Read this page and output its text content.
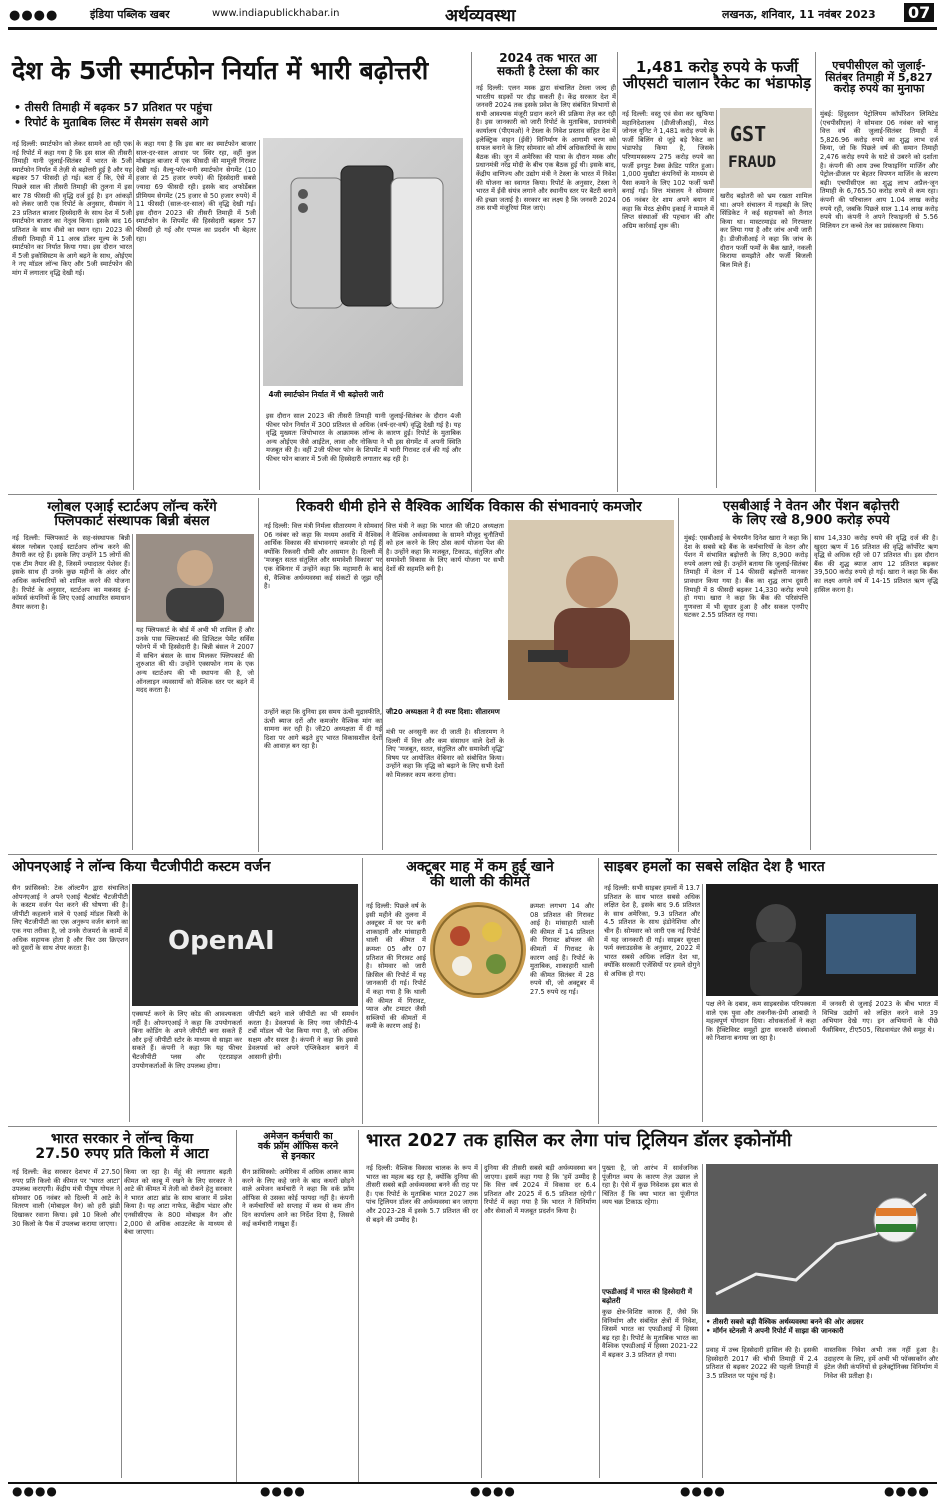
●●●●	इंडिया पब्लिक खबर	www.indiapublickhabar.in	अर्थव्यवस्था	लखनऊ, शनिवार, 11 नवंबर 2023 07
देश के 5जी स्मार्टफोन निर्यात में भारी बढ़ोत्तरी
• तीसरी तिमाही में बढ़कर 57 प्रतिशत पर पहुंचा
• रिपोर्ट के मुताबिक लिस्ट में सैमसंग सबसे आगे
नई दिल्ली: स्मार्टफोन को लेकर सामने आ रही एक नई रिपोर्ट में कहा गया है कि इस साल की तीसरी तिमाही यानी जुलाई-सितंबर में भारत के 5जी स्मार्टफोन निर्यात में तेज़ी से बढ़ोत्तरी हुई है और यह बढ़कर 57 फीसदी हो गई। बता दें कि, ऐसे में पिछले साल की तीसरी तिमाही की तुलना में इस बार 78 फीसदी की वृद्धि दर्ज हुई है। इन आंकड़ों को लेकर जारी एक रिपोर्ट के अनुसार, सैमसंग ने 23 प्रतिशत बाजार हिस्सेदारी के साथ देश में 5जी स्मार्टफोन बाजार का नेतृत्व किया। इसके बाद 16 प्रतिशत के साथ वीवो का स्थान रहा। 2023 की तीसरी तिमाही में 11 अरब डॉलर मूल्य के 5जी स्मार्टफोन का निर्यात किया गया। इस दौरान भारत में 5जी इकोसिस्टम के आगे बढ़ने के साथ, ओईएम ने नए मॉडल लॉन्च किए और 5जी स्मार्टफोन की मांग में लगातार वृद्धि देखी गई।
के कहा गया है कि इस बार का स्मार्टफोन बाजार साल-दर-साल आधार पर स्थिर रहा, वहीं कुल मोबाइल बाजार में एक फीसदी की मामूली गिरावट देखी गई। वैल्यू-फॉर-मनी स्मार्टफोन सेगमेंट (10 हजार से 25 हजार रुपये) की हिस्सेदारी सबसे ज्यादा 69 फीसदी रही। इसके बाद अफोर्डेबल प्रीमियम सेगमेंट (25 हजार से 50 हजार रुपये) में 11 फीसदी (साल-दर-साल) की वृद्धि देखी गई। इस दौरान 2023 की तीसरी तिमाही में 5जी स्मार्टफोन के शिपमेंट की हिस्सेदारी बढ़कर 57 फीसदी हो गई और एप्पल का प्रदर्शन भी बेहतर रहा।
4जी स्मार्टफोन निर्यात में भी बढ़ोत्तरी जारी
इस दौरान साल 2023 की तीसरी तिमाही यानी जुलाई-सितंबर के दौरान 4जी फीचर फोन निर्यात में 300 प्रतिशत से अधिक (वर्ष-दर-वर्ष) वृद्धि देखी गई है। यह वृद्धि मुख्यतः जियोभारत के आक्रामक लॉन्च के कारण हुई। रिपोर्ट के मुताबिक अन्य ओईएम जैसे आईटेल, लावा और नोकिया ने भी इस सेगमेंट में अपनी स्थिति मजबूत की है। वहीं 2जी फीचर फोन के शिपमेंट में भारी गिरावट दर्ज की गई और फीचर फोन बाजार में 5जी की हिस्सेदारी लगातार बढ़ रही है।
2024 तक भारत आ
सकती है टेस्ला की कार
नई दिल्ली: एलन मस्क द्वारा संचालित टेस्ला जल्द ही भारतीय सड़कों पर दौड़ सकती है। केंद्र सरकार देश में जनवरी 2024 तक इसके प्रवेश के लिए संबंधित विभागों से सभी आवश्यक मंजूरी प्रदान करने की प्रक्रिया तेज़ कर रही है। इस जानकारी को जारी रिपोर्ट के मुताबिक, प्रधानमंत्री कार्यालय (पीएमओ) ने टेस्ला के निवेश प्रस्ताव संहित देश में इलेक्ट्रिक वाहन (ईवी) विनिर्माण के आगामी चरण को सफल बनाने के लिए सोमवार को शीर्ष अधिकारियों के साथ बैठक की। जून में अमेरिका की यात्रा के दौरान मस्क और प्रधानमंत्री नरेंद्र मोदी के बीच एक बैठक हुई थी। इसके बाद, केंद्रीय वाणिज्य और उद्योग मंत्री ने टेस्ला के भारत में निवेश की योजना का स्वागत किया। रिपोर्ट के अनुसार, टेस्ला ने भारत में ईवी संयंत्र लगाने और स्थानीय स्तर पर बैटरी बनाने की इच्छा जताई है। सरकार का लक्ष्य है कि जनवरी 2024 तक सभी मंजूरियां मिल जाएं।
1,481 करोड़ रुपये के फर्जी
जीएसटी चालान रैकेट का भंडाफोड़
नई दिल्ली: वस्तु एवं सेवा कर खुफिया महानिदेशालय (डीजीजीआई), मेरठ जोनल यूनिट ने 1,481 करोड़ रुपये के फर्जी बिलिंग से जुड़े बड़े रैकेट का भंडाफोड़ किया है, जिसके परिणामस्वरूप 275 करोड़ रुपये का फर्जी इनपुट टैक्स क्रेडिट पारित हुआ। 1,000 मुखौटा कंपनियों के माध्यम से पैसा कमाने के लिए 102 फर्जी फर्मों बनाई गईं। वित्त मंत्रालय ने सोमवार 06 नवंबर देर शाम अपने बयान में कहा कि मेरठ क्षेत्रीय इकाई ने मामले में लिप्त संस्थाओं की पहचान की और अग्रिम कार्रवाई शुरू की।
GST
FRAUD
खरीद बढ़ोतरी को भ्रम रखता शामिल था। अपने संचालन में गड़बड़ी के लिए सिंडिकेट ने कई सहायकों को तैनात किया था। मास्टरमाइंड को गिरफ्तार कर लिया गया है और जांच अभी जारी है। डीजीजीआई ने कहा कि जांच के दौरान फर्जी फर्मों के बैंक खाते, नकली किराया समझौते और फर्जी बिजली बिल मिले हैं।
एचपीसीएल को जुलाई-
सितंबर तिमाही में 5,827
करोड़ रुपये का मुनाफा
मुंबई: हिंदुस्तान पेट्रोलियम कॉर्पोरेशन लिमिटेड (एचपीसीएल) ने सोमवार 06 नवंबर को चालू वित्त वर्ष की जुलाई-सितंबर तिमाही में 5,826.96 करोड़ रुपये का शुद्ध लाभ दर्ज किया, जो कि पिछले वर्ष की समान तिमाही 2,476 करोड़ रुपये के घाटे से उबरने को दर्शाता है। कंपनी की आय उच्च रिफाइनिंग मार्जिन और पेट्रोल-डीजल पर बेहतर विपणन मार्जिन के कारण बढ़ी। एचपीसीएल का शुद्ध लाभ अप्रैल-जून तिमाही के 6,765.50 करोड़ रुपये से कम रहा। कंपनी की परिचालन आय 1.04 लाख करोड़ रुपये रही, जबकि पिछले साल 1.14 लाख करोड़ रुपये थी। कंपनी ने अपने रिफाइनरी से 5.56 मिलियन टन कच्चे तेल का प्रसंस्करण किया।
ग्लोबल एआई स्टार्टअप लॉन्च करेंगे
फ्लिपकार्ट संस्थापक बिन्नी बंसल
नई दिल्ली: फ्लिपकार्ट के सह-संस्थापक बिन्नी बंसल ग्लोबल एआई स्टार्टअप लॉन्च करने की तैयारी कर रहे हैं। इसके लिए उन्होंने 15 लोगों की एक टीम तैयार की है, जिसमें ज्यादातर पेशेवर हैं। इसके साथ ही उनके कुछ महीनों के अंदर और अधिक कर्मचारियों को शामिल करने की योजना है। रिपोर्ट के अनुसार, स्टार्टअप का मकसद ई-कॉमर्स कंपनियों के लिए एआई आधारित समाधान तैयार करना है।
यह फ्लिपकार्ट के बोर्ड में अभी भी शामिल हैं और उनके पास फ्लिपकार्ट की डिजिटल पेमेंट सर्विस फोनपे में भी हिस्सेदारी है। बिन्नी बंसल ने 2007 में सचिन बंसल के साथ मिलकर फ्लिपकार्ट की शुरुआत की थी। उन्होंने एक्सफोन नाम के एक अन्य स्टार्टअप की भी स्थापना की है, जो ऑनलाइन व्यवसायों को वैश्विक स्तर पर बढ़ने में मदद करता है।
रिकवरी धीमी होने से वैश्विक आर्थिक विकास की संभावनाएं कमजोर
नई दिल्ली: वित्त मंत्री निर्मला सीतारमण ने सोमवार 06 नवंबर को कहा कि मध्यम अवधि में वैश्विक आर्थिक विकास की संभावनाएं कमजोर हो गई हैं क्योंकि रिकवरी धीमी और असमान है। दिल्ली में 'मजबूत सतत संतुलित और समावेशी विकास' पर एक वेबिनार में उन्होंने कहा कि महामारी के बाद से, वैश्विक अर्थव्यवस्था कई संकटों से जूझ रही है।
वित्त मंत्री ने कहा कि भारत की जी20 अध्यक्षता ने वैश्विक अर्थव्यवस्था के सामने मौजूद चुनौतियों को हल करने के लिए ठोस कार्य योजना पेश की है। उन्होंने कहा कि मजबूत, टिकाऊ, संतुलित और समावेशी विकास के लिए कार्य योजना पर सभी देशों की सहमति बनी है।
उन्होंने कहा कि दुनिया इस समय ऊंची मुद्रास्फीति, ऊंची ब्याज दरों और कमजोर वैश्विक मांग का सामना कर रही है। जी20 अध्यक्षता में दी गई दिशा पर आगे बढ़ते हुए भारत विकासशील देशों की आवाज़ बन रहा है।
जी20 अध्यक्षता ने दी स्पष्ट दिशा: सीतारमण
मंत्री पर अनसुनी कर दी जाती है। सीतारमण ने दिल्ली में वित्त और कम संसाधन वाले देशों के लिए 'मजबूत, सतत, संतुलित और समावेशी वृद्धि' विषय पर आयोजित वेबिनार को संबोधित किया। उन्होंने कहा कि वृद्धि को बढ़ाने के लिए सभी देशों को मिलकर काम करना होगा।
एसबीआई ने वेतन और पेंशन बढ़ोत्तरी
के लिए रखे 8,900 करोड़ रुपये
मुंबई: एसबीआई के चेयरमैन दिनेश खारा ने कहा कि देश के सबसे बड़े बैंक के कर्मचारियों के वेतन और पेंशन में संभावित बढ़ोत्तरी के लिए 8,900 करोड़ रुपये अलग रखे हैं। उन्होंने बताया कि जुलाई-सितंबर तिमाही में वेतन में 14 फीसदी बढ़ोत्तरी मानकर प्रावधान किया गया है। बैंक का शुद्ध लाभ दूसरी तिमाही में 8 फीसदी बढ़कर 14,330 करोड़ रुपये हो गया। खारा ने कहा कि बैंक की परिसंपत्ति गुणवत्ता में भी सुधार हुआ है और सकल एनपीए घटकर 2.55 प्रतिशत रह गया।
साथ 14,330 करोड़ रुपये की वृद्धि दर्ज की है। खुदरा ऋण में 16 प्रतिशत की वृद्धि कॉर्पोरेट ऋण वृद्धि से अधिक रही जो 07 प्रतिशत थी। इस दौरान बैंक की शुद्ध ब्याज आय 12 प्रतिशत बढ़कर 39,500 करोड़ रुपये हो गई। खारा ने कहा कि बैंक का लक्ष्य अगले वर्ष में 14-15 प्रतिशत ऋण वृद्धि हासिल करना है।
ओपनएआई ने लॉन्च किया चैटजीपीटी कस्टम वर्जन
सैन फ्रांसिस्को: टेक ऑल्टमैन द्वारा संचालित ओपनएआई ने अपने एआई चैटबॉट चैटजीपीटी के कस्टम वर्जन पेश करने की घोषणा की है। जीपीटी कहलाने वाले ये एआई मॉडल किसी के लिए चैटजीपीटी का एक अनुरूप वर्जन बनाने का एक नया तरीका है, जो उनके रोजमर्रा के कामों में अधिक सहायक होता है और फिर उस क्रिएशन को दूसरों के साथ शेयर करता है।	OpenAI
एक्सपर्ट करने के लिए कोड की आवश्यकता नहीं है। ओपनएआई ने कहा कि उपयोगकर्ता बिना कोडिंग के अपने जीपीटी बना सकते हैं और इन्हें जीपीटी स्टोर के माध्यम से साझा कर सकते हैं। कंपनी ने कहा कि यह फीचर चैटजीपीटी प्लस और एंटरप्राइज उपयोगकर्ताओं के लिए उपलब्ध होगा।
जीपीटी बदने वाले जीपीटी का भी समर्थन करता है। डेवलपर्स के लिए नया जीपीटी-4 टर्बो मॉडल भी पेश किया गया है, जो अधिक सक्षम और सस्ता है। कंपनी ने कहा कि इससे डेवलपर्स को अपने एप्लिकेशन बनाने में आसानी होगी।
अक्टूबर माह में कम हुई खाने
की थाली की कीमतें
नई दिल्ली: पिछले वर्ष के इसी महीने की तुलना में अक्टूबर में घर पर बनी शाकाहारी और मांसाहारी थाली की कीमत में क्रमशः 05 और 07 प्रतिशत की गिरावट आई है। सोमवार को जारी क्रिसिल की रिपोर्ट में यह जानकारी दी गई। रिपोर्ट में कहा गया है कि थाली की कीमत में गिरावट, प्याज और टमाटर जैसी सब्जियों की कीमतों में कमी के कारण आई है।
क्रमशः लगभग 14 और 08 प्रतिशत की गिरावट आई है। मांसाहारी थाली की कीमत में 14 प्रतिशत की गिरावट ब्रॉयलर की कीमतों में गिरावट के कारण आई है। रिपोर्ट के मुताबिक, शाकाहारी थाली की कीमत सितंबर में 28 रुपये थी, जो अक्टूबर में 27.5 रुपये रह गई।
साइबर हमलों का सबसे लक्षित देश है भारत
नई दिल्ली: सभी साइबर हमलों में 13.7 प्रतिशत के साथ भारत सबसे अधिक लक्षित देश है, इसके बाद 9.6 प्रतिशत के साथ अमेरिका, 9.3 प्रतिशत और 4.5 प्रतिशत के साथ इंडोनेशिया और चीन हैं। सोमवार को जारी एक नई रिपोर्ट में यह जानकारी दी गई। साइबर सुरक्षा फर्म क्लाउडसेक के अनुसार, 2022 में भारत सबसे अधिक लक्षित देश था, क्योंकि सरकारी एजेंसियों पर हमले दोगुने से अधिक हो गए।
पक्ष लेने के दबाव, कम साइबरसेक परिपक्वता वाले एक युवा और तकनीक-प्रेमी आबादी ने महत्वपूर्ण योगदान दिया। शोधकर्ताओं ने कहा कि हैक्टिविस्ट समूहों द्वारा सरकारी संस्थाओं को निशाना बनाया जा रहा है।
में जनवरी से जुलाई 2023 के बीच भारत में विभिन्न उद्योगों को लक्षित करने वाले 39 अभियान देखे गए। इन अभियानों के पीछे फैंसीबियर, टीए505, सिडवायंडर जैसे समूह थे।
भारत सरकार ने लॉन्च किया
27.50 रुपए प्रति किलो में आटा
नई दिल्ली: केंद्र सरकार देशभर में 27.50 रुपए प्रति किलो की कीमत पर 'भारत आटा' उपलब्ध कराएगी। केंद्रीय मंत्री पीयूष गोयल ने सोमवार 06 नवंबर को दिल्ली में आटे के वितरण वाली (मोबाइल वैन) को हरी झंडी दिखाकर रवाना किया। इसे 10 किलो और 30 किलो के पैक में उपलब्ध कराया जाएगा।
किया जा रहा है। मेंहूं की लगातार बढ़ती कीमत को काबू में रखने के लिए सरकार ने आटे की कीमत में तेजी को रोकने हेतु सरकार ने भारत आटा ब्रांड के साथ बाजार में प्रवेश किया है। यह आटा नाफेड, केंद्रीय भंडार और एनसीसीएफ के 800 मोबाइल वैन और 2,000 से अधिक आउटलेट के माध्यम से बेचा जाएगा।
अमेजन कर्मचारी का
वर्क फ्रॉम ऑफिस करने
से इनकार
सैन फ्रांसिस्को: अमेरिका में अधिक आकर काम करने के लिए कहे जाने के बाद कथरों छोड़ने वाले अमेजन कर्मचारी ने कहा कि वर्क फ्रॉम ऑफिस से उसका कोई फायदा नहीं है। कंपनी ने कर्मचारियों को सप्ताह में कम से कम तीन दिन कार्यालय आने का निर्देश दिया है, जिससे कई कर्मचारी नाखुश हैं।
भारत 2027 तक हासिल कर लेगा पांच ट्रिलियन डॉलर इकोनॉमी
नई दिल्ली: वैश्विक विकास चालक के रूप में भारत का महत्व बढ़ रहा है, क्योंकि दुनिया की तीसरी सबसे बड़ी अर्थव्यवस्था बनने की राह पर है। एक रिपोर्ट के मुताबिक भारत 2027 तक पांच ट्रिलियन डॉलर की अर्थव्यवस्था बन जाएगा और 2023-28 में इसके 5.7 प्रतिशत की दर से बढ़ने की उम्मीद है।
दुनिया की तीसरी सबसे बड़ी अर्थव्यवस्था बन जाएगा। इसमें कहा गया है कि 'हमें उम्मीद है कि वित्त वर्ष 2024 में विकास दर 6.4 प्रतिशत और 2025 में 6.5 प्रतिशत रहेगी।' रिपोर्ट में कहा गया है कि भारत ने विनिर्माण और सेवाओं में मजबूत प्रदर्शन किया है।
पुख्ता है, जो आरंभ में सार्वजनिक पूंजीगत व्यय के कारण तेज़ उछाल ले रहा है। ऐसे में कुछ निवेशक इस बात से चिंतित हैं कि क्या भारत का पूंजीगत व्यय चक्र टिकाऊ रहेगा।
एफडीआई में भारत की हिस्सेदारी में बढ़ोतरी
कुछ क्षेत्र-विशिष्ट कारक हैं, जैसे कि विनिर्माण और संबंधित क्षेत्रों में निवेश, जिसमें भारत का एफडीआई में हिस्सा बढ़ रहा है। रिपोर्ट के मुताबिक भारत का वैश्विक एफडीआई में हिस्सा 2021-22 में बढ़कर 3.3 प्रतिशत हो गया।
• तीसरी सबसे बड़ी वैश्विक अर्थव्यवस्था बनने की ओर अग्रसर
• मॉर्गन स्टेनली ने अपनी रिपोर्ट में साझा की जानकारी
प्रवाह में उच्च हिस्सेदारी हासिल की है। इसकी हिस्सेदारी 2017 की चौथी तिमाही में 2.4 प्रतिशत से बढ़कर 2022 की पहली तिमाही में 3.5 प्रतिशत पर पहुंच गई है।
वास्तविक निवेश अभी तक नहीं हुआ है। उदाहरण के लिए, हमें अभी भी फॉक्सकॉन और इंटेल जैसी कंपनियों से इलेक्ट्रॉनिक्स विनिर्माण में निवेश की प्रतीक्षा है।
●●●●	●●●●	●●●●	●●●●	●●●●
